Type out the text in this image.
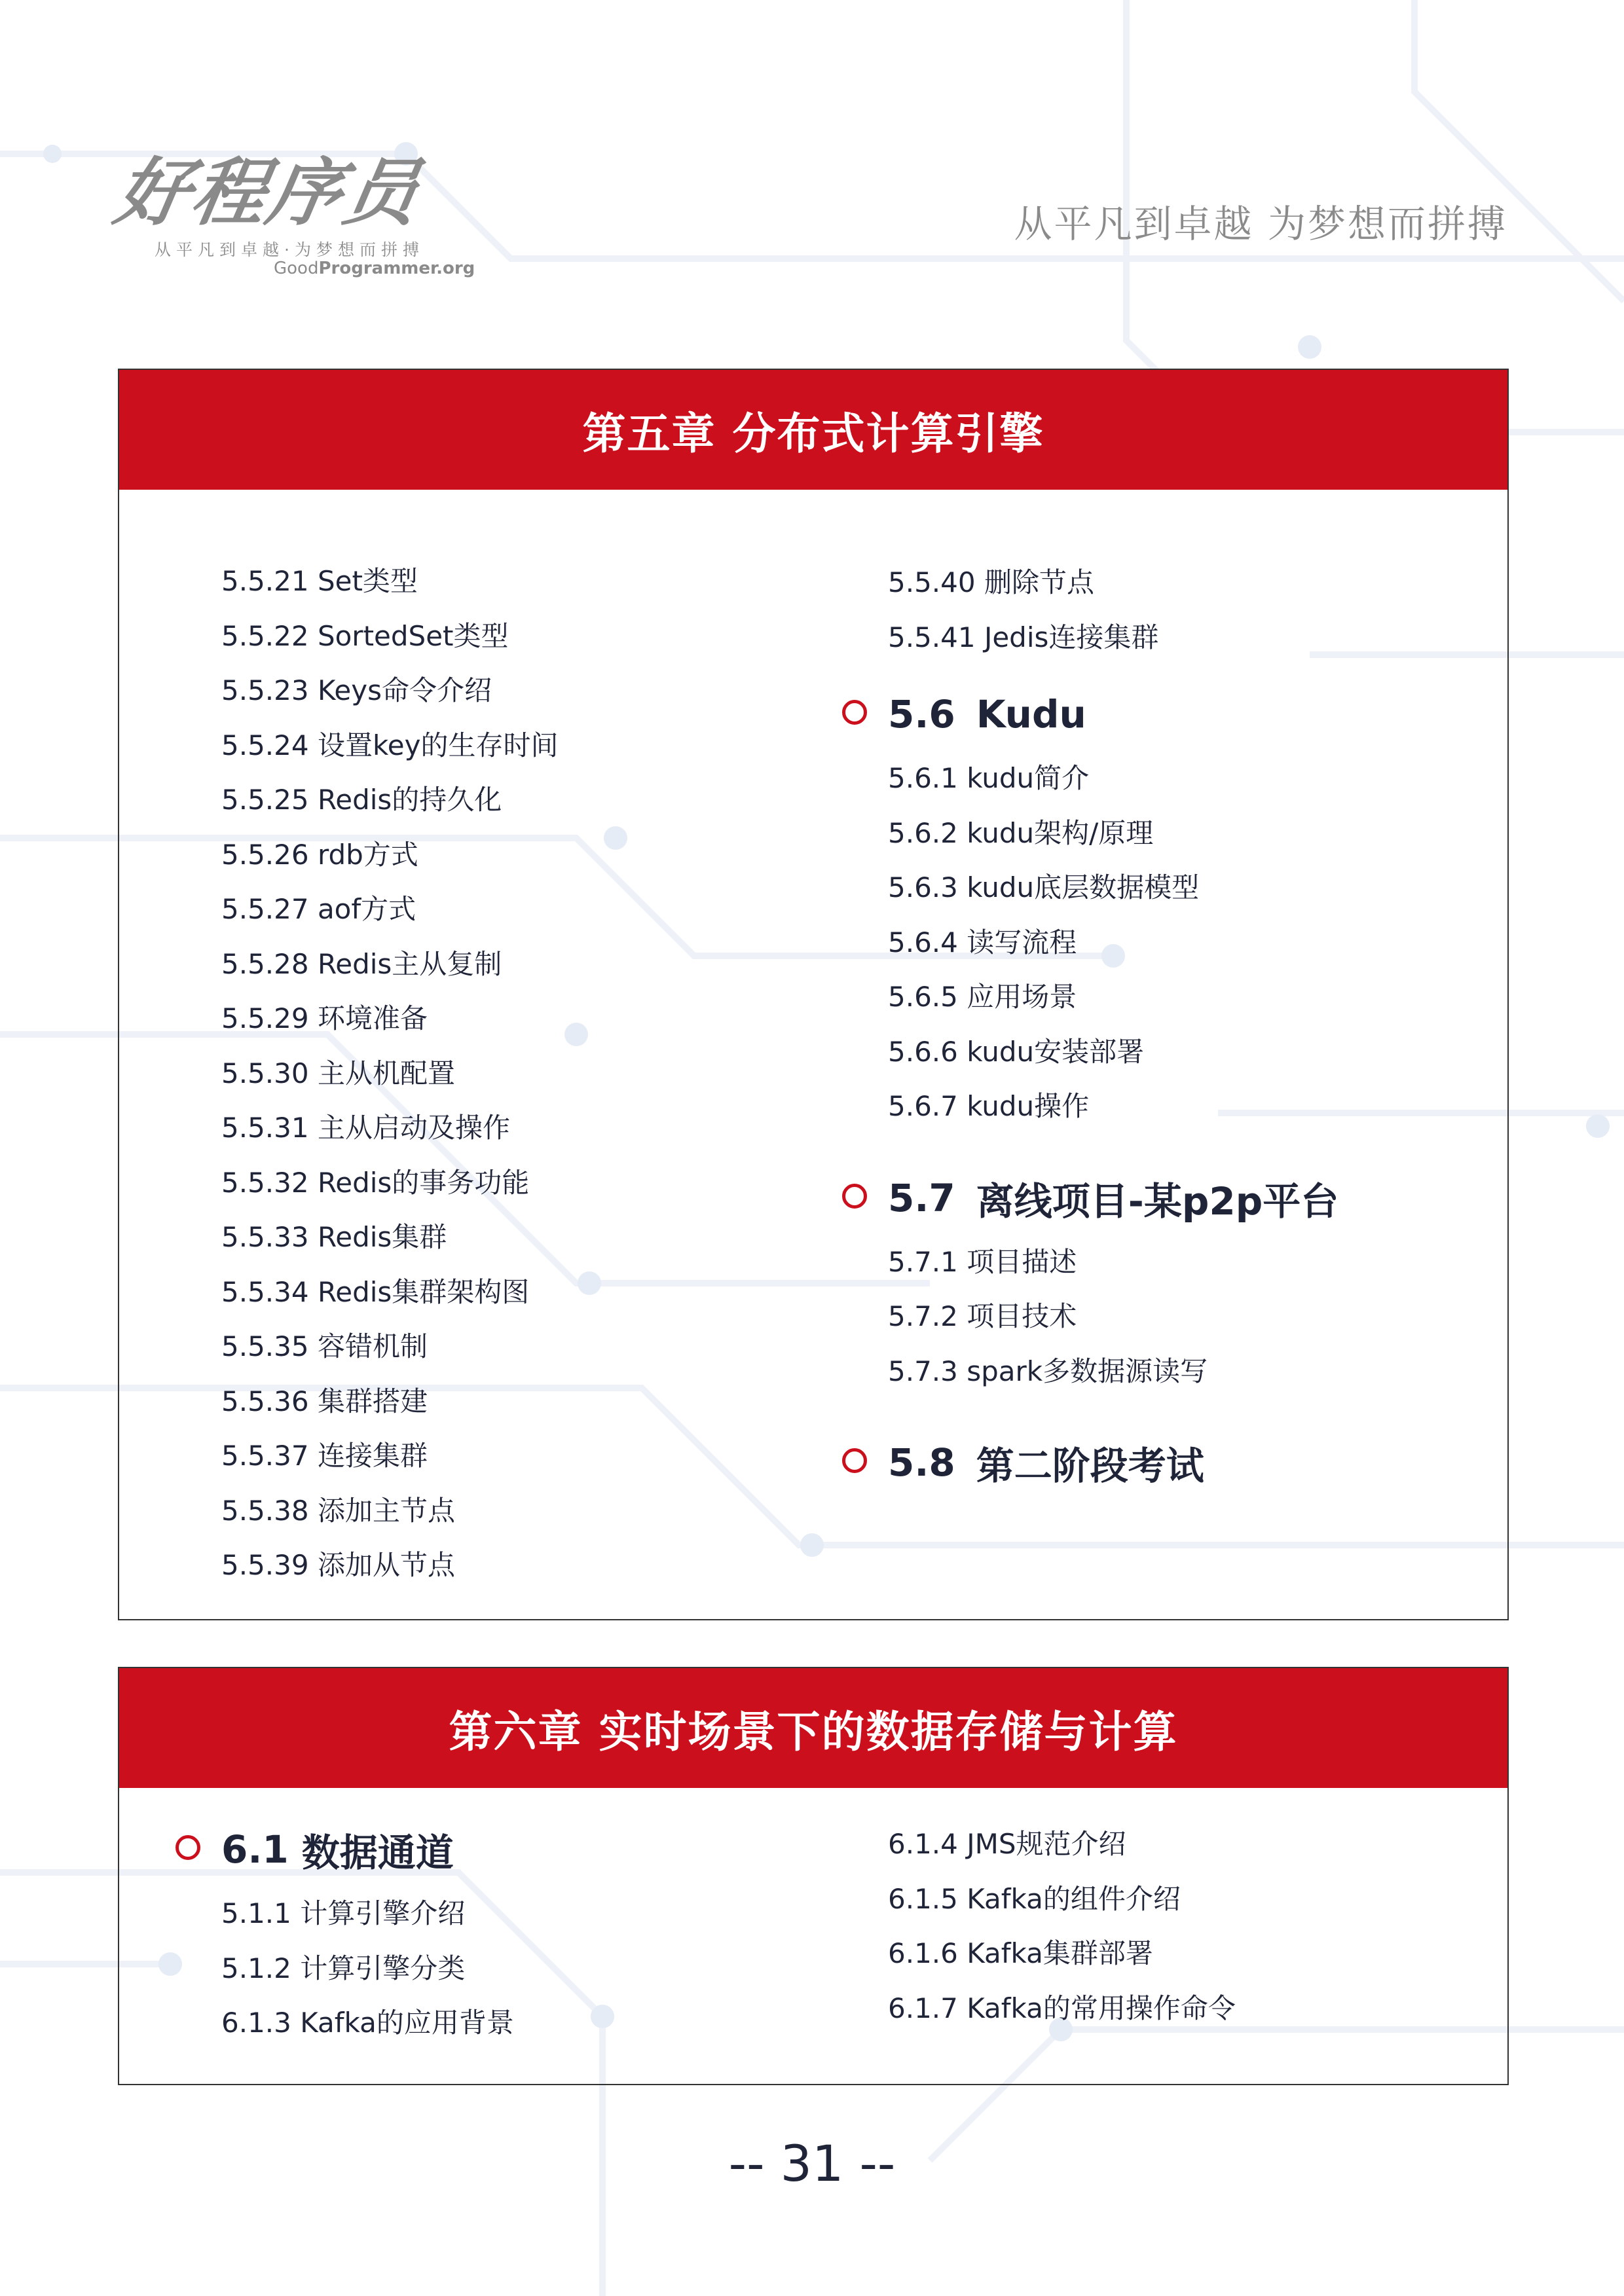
好程序员
从平凡到卓越·为梦想而拼搏
GoodProgrammer.org
从平凡到卓越 为梦想而拼搏
第五章 分布式计算引擎
5.5.21 Set类型
5.5.22 SortedSet类型
5.5.23 Keys命令介绍
5.5.24 设置key的生存时间
5.5.25 Redis的持久化
5.5.26 rdb方式
5.5.27 aof方式
5.5.28 Redis主从复制
5.5.29 环境准备
5.5.30 主从机配置
5.5.31 主从启动及操作
5.5.32 Redis的事务功能
5.5.33 Redis集群
5.5.34 Redis集群架构图
5.5.35 容错机制
5.5.36 集群搭建
5.5.37 连接集群
5.5.38 添加主节点
5.5.39 添加从节点
5.5.40 删除节点
5.5.41 Jedis连接集群
5.6 Kudu
5.6.1 kudu简介
5.6.2 kudu架构/原理
5.6.3 kudu底层数据模型
5.6.4 读写流程
5.6.5 应用场景
5.6.6 kudu安装部署
5.6.7 kudu操作
5.7 离线项目-某p2p平台
5.7.1 项目描述
5.7.2 项目技术
5.7.3 spark多数据源读写
5.8 第二阶段考试
第六章 实时场景下的数据存储与计算
6.1 数据通道
5.1.1 计算引擎介绍
5.1.2 计算引擎分类
6.1.3 Kafka的应用背景
6.1.4 JMS规范介绍
6.1.5 Kafka的组件介绍
6.1.6 Kafka集群部署
6.1.7 Kafka的常用操作命令
-- 31 --
